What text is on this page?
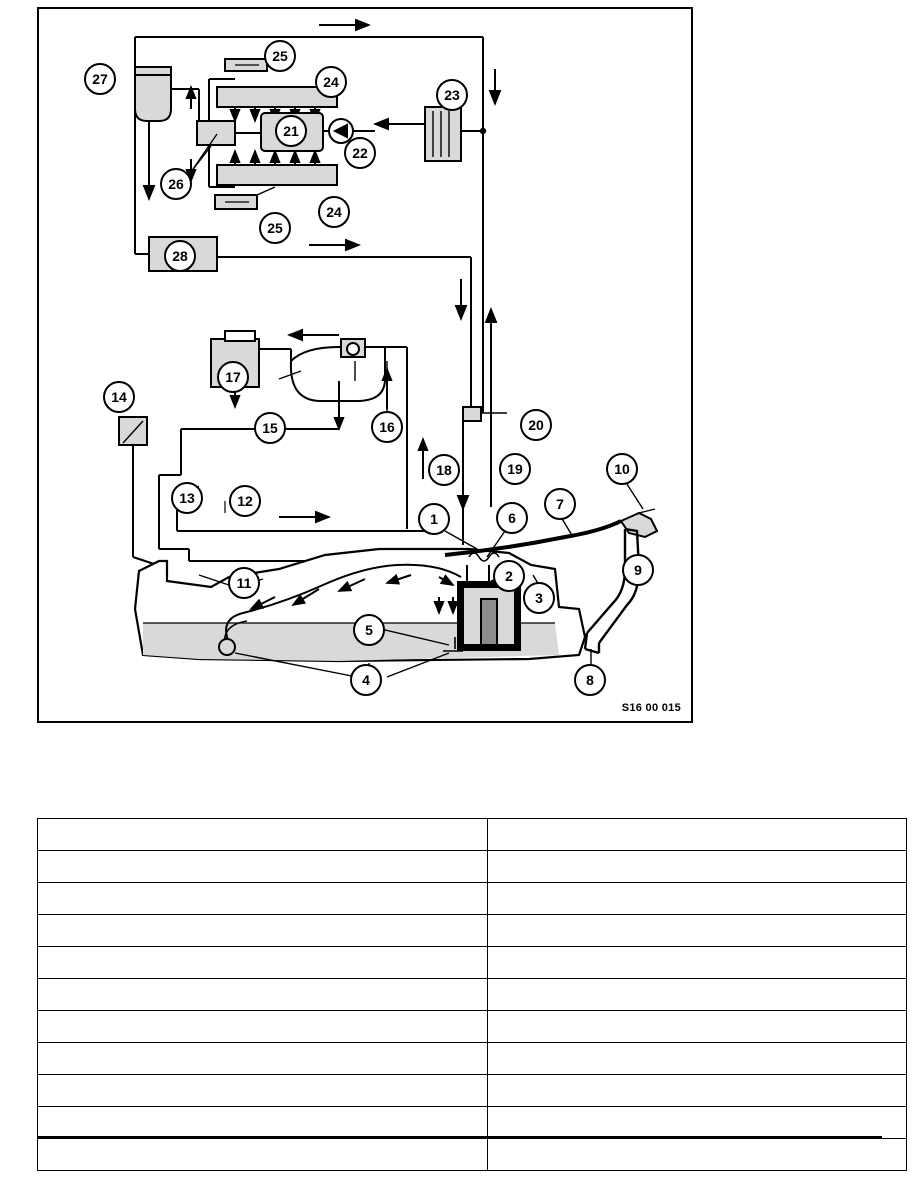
1
2
3
4
5
6
7
8
9
10
11
12
13
14
15	16
17
18	19
20
21
22
23
24
24
25
25
26
27
28
S16 00 015
